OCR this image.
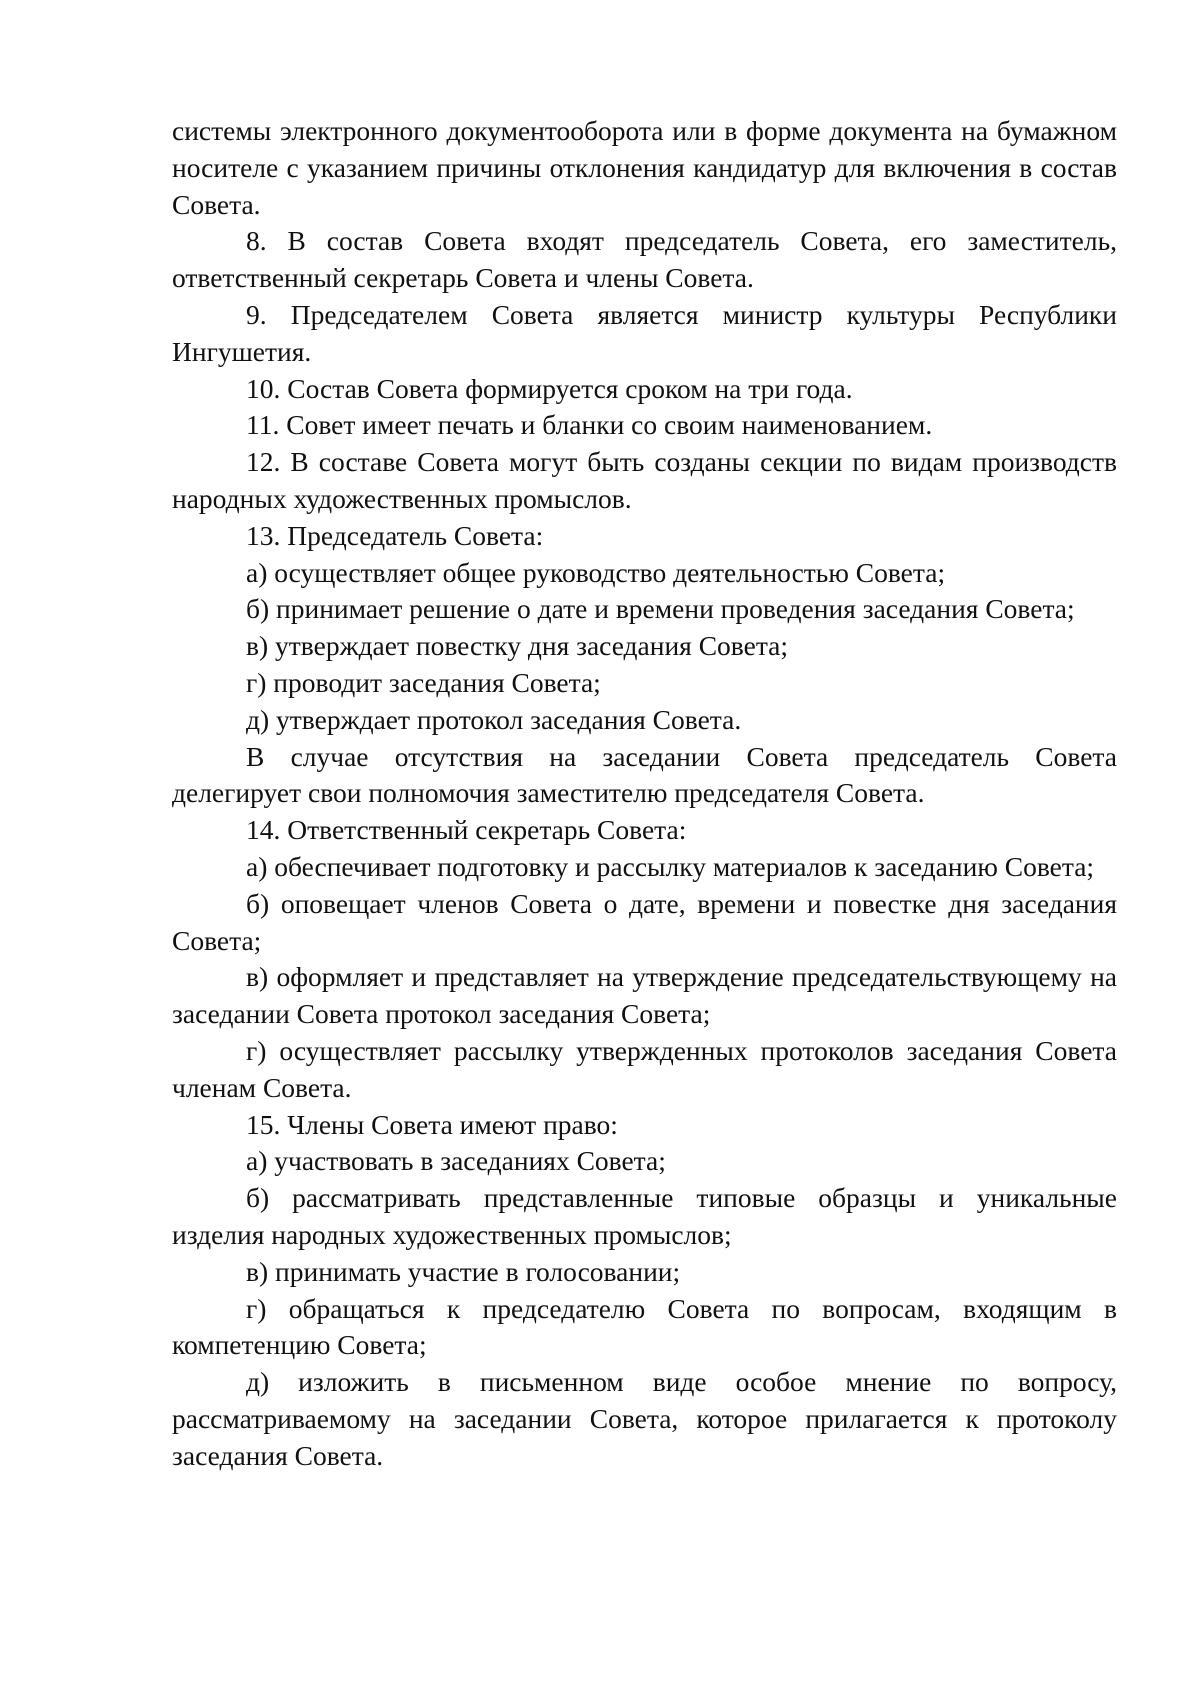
системы электронного документооборота или в форме документа на бумажном носителе с указанием причины отклонения кандидатур для включения в состав Совета.

8. В состав Совета входят председатель Совета, его заместитель, ответственный секретарь Совета и члены Совета.

9. Председателем Совета является министр культуры Республики Ингушетия.

10. Состав Совета формируется сроком на три года.

11. Совет имеет печать и бланки со своим наименованием.

12. В составе Совета могут быть созданы секции по видам производств народных художественных промыслов.

13. Председатель Совета:

а) осуществляет общее руководство деятельностью Совета;

б) принимает решение о дате и времени проведения заседания Совета;

в) утверждает повестку дня заседания Совета;

г) проводит заседания Совета;

д) утверждает протокол заседания Совета.

В случае отсутствия на заседании Совета председатель Совета делегирует свои полномочия заместителю председателя Совета.

14. Ответственный секретарь Совета:

а) обеспечивает подготовку и рассылку материалов к заседанию Совета;

б) оповещает членов Совета о дате, времени и повестке дня заседания Совета;

в) оформляет и представляет на утверждение председательствующему на заседании Совета протокол заседания Совета;

г) осуществляет рассылку утвержденных протоколов заседания Совета членам Совета.

15. Члены Совета имеют право:

а) участвовать в заседаниях Совета;

б) рассматривать представленные типовые образцы и уникальные изделия народных художественных промыслов;

в) принимать участие в голосовании;

г) обращаться к председателю Совета по вопросам, входящим в компетенцию Совета;

д) изложить в письменном виде особое мнение по вопросу, рассматриваемому на заседании Совета, которое прилагается к протоколу заседания Совета.
